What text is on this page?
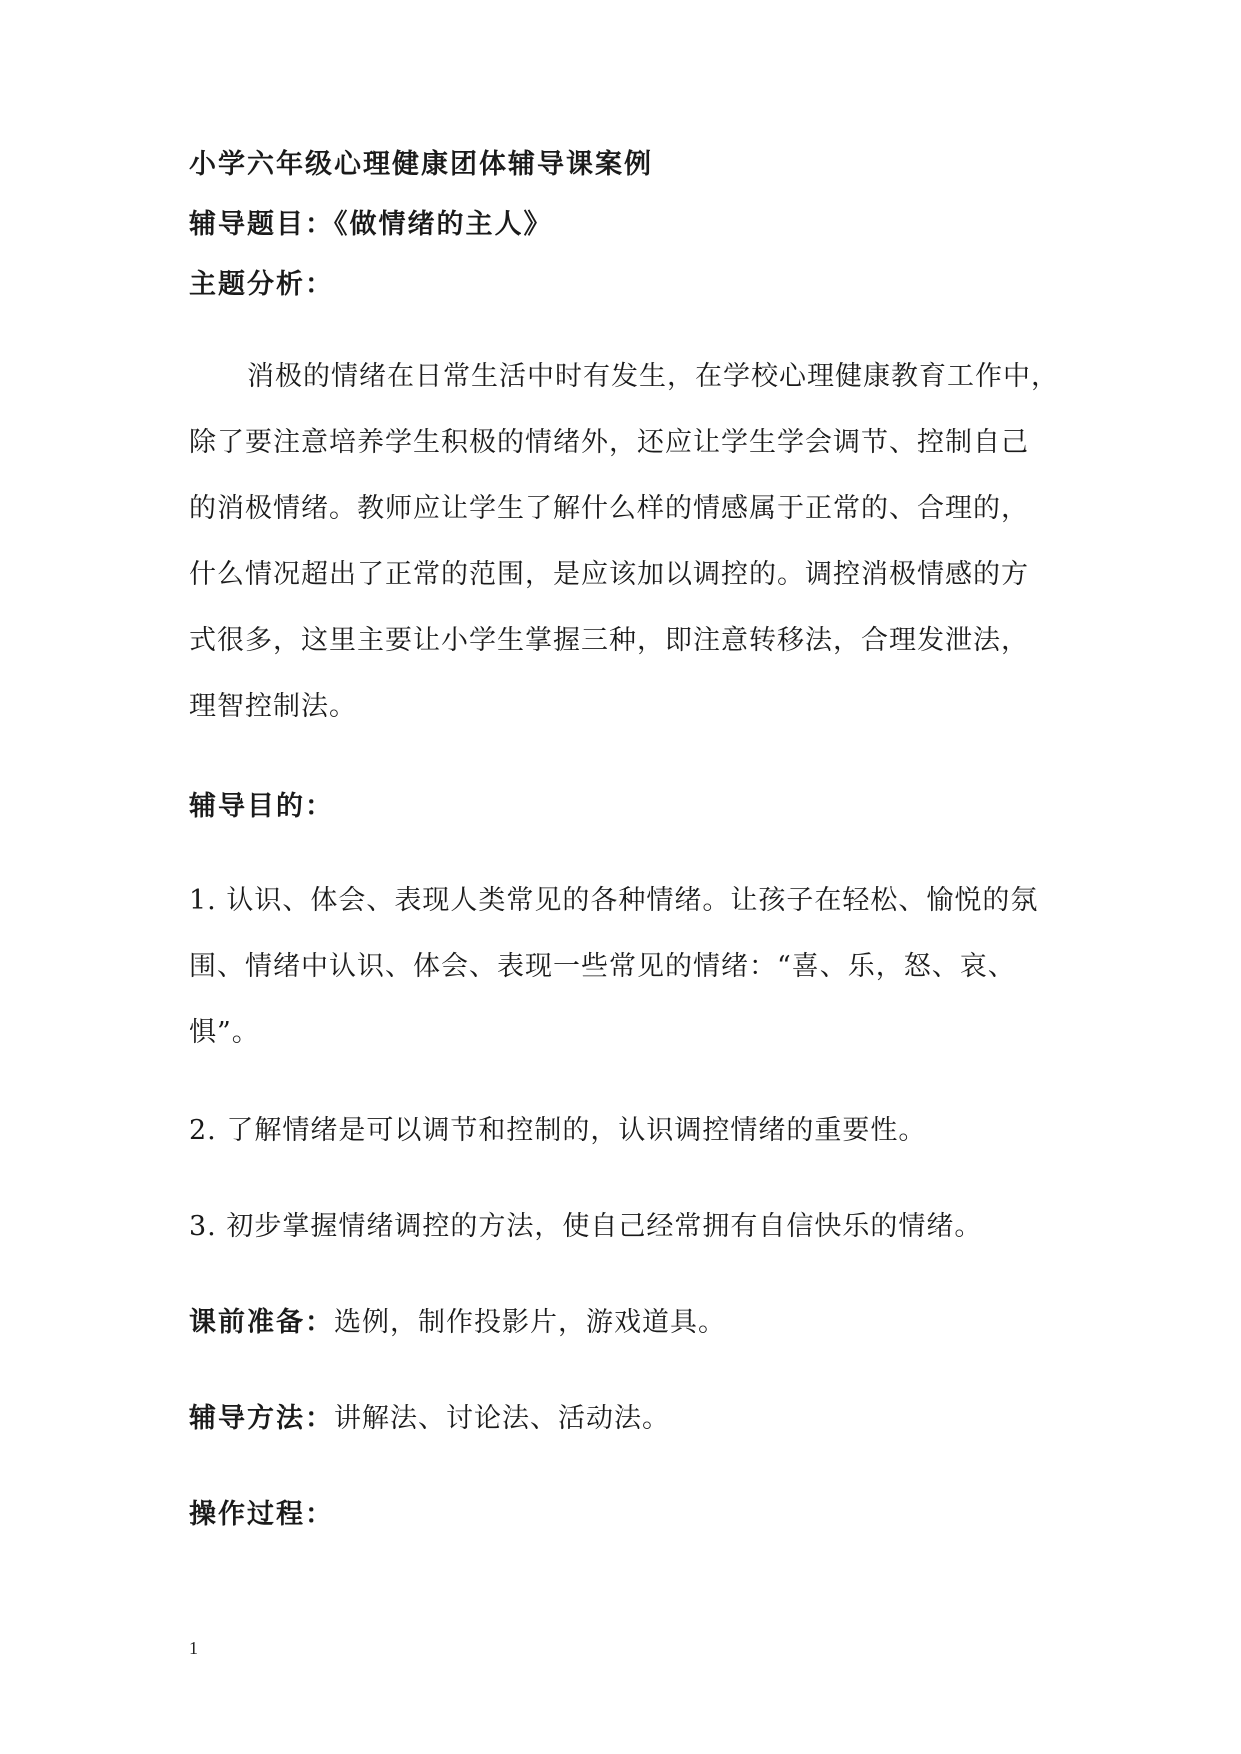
小学六年级心理健康团体辅导课案例
辅导题目：《做情绪的主人》
主题分析：
消极的情绪在日常生活中时有发生，在学校心理健康教育工作中，
除了要注意培养学生积极的情绪外，还应让学生学会调节、控制自己
的消极情绪。教师应让学生了解什么样的情感属于正常的、合理的，
什么情况超出了正常的范围，是应该加以调控的。调控消极情感的方
式很多，这里主要让小学生掌握三种，即注意转移法，合理发泄法，
理智控制法。
辅导目的：
1. 认识、体会、表现人类常见的各种情绪。让孩子在轻松、愉悦的氛
围、情绪中认识、体会、表现一些常见的情绪：“喜、乐，怒、哀、
惧”。
2. 了解情绪是可以调节和控制的，认识调控情绪的重要性。
3. 初步掌握情绪调控的方法，使自己经常拥有自信快乐的情绪。
课前准备：选例，制作投影片，游戏道具。
辅导方法：讲解法、讨论法、活动法。
操作过程：
1
